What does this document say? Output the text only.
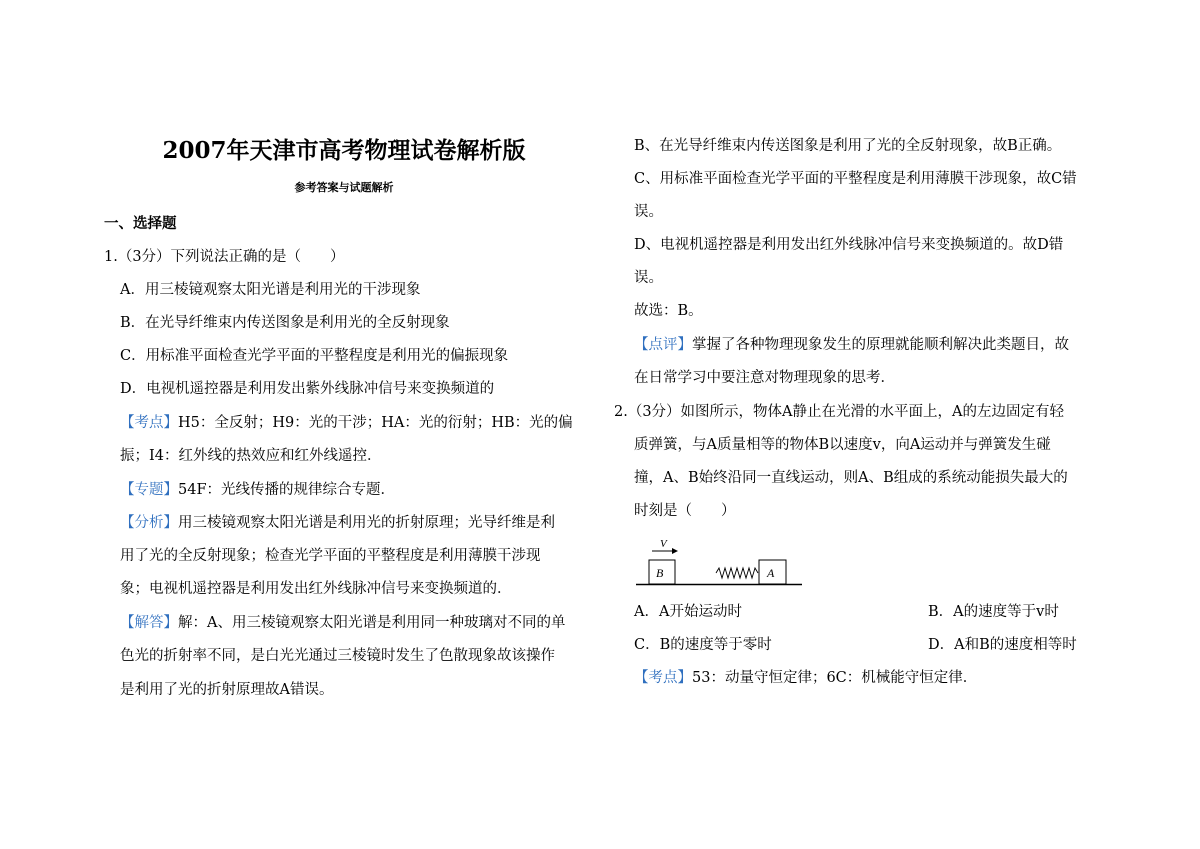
2007年天津市高考物理试卷解析版
参考答案与试题解析
一、选择题
1.（3分）下列说法正确的是（　　）
A．用三棱镜观察太阳光谱是利用光的干涉现象
B．在光导纤维束内传送图象是利用光的全反射现象
C．用标准平面检查光学平面的平整程度是利用光的偏振现象
D．电视机遥控器是利用发出紫外线脉冲信号来变换频道的
【考点】H5：全反射；H9：光的干涉；HA：光的衍射；HB：光的偏
振；I4：红外线的热效应和红外线遥控．
【专题】54F：光线传播的规律综合专题．
【分析】用三棱镜观察太阳光谱是利用光的折射原理；光导纤维是利
用了光的全反射现象；检查光学平面的平整程度是利用薄膜干涉现
象；电视机遥控器是利用发出红外线脉冲信号来变换频道的．
【解答】解：A、用三棱镜观察太阳光谱是利用同一种玻璃对不同的单
色光的折射率不同，是白光光通过三棱镜时发生了色散现象故该操作
是利用了光的折射原理故A错误。
B、在光导纤维束内传送图象是利用了光的全反射现象，故B正确。
C、用标准平面检查光学平面的平整程度是利用薄膜干涉现象，故C错
误。
D、电视机遥控器是利用发出红外线脉冲信号来变换频道的。故D错
误。
故选：B。
【点评】掌握了各种物理现象发生的原理就能顺利解决此类题目，故
在日常学习中要注意对物理现象的思考．
2.（3分）如图所示，物体A静止在光滑的水平面上，A的左边固定有轻
质弹簧，与A质量相等的物体B以速度v，向A运动并与弹簧发生碰
撞，A、B始终沿同一直线运动，则A、B组成的系统动能损失最大的
时刻是（　　）
V
B	A
A．A开始运动时	B．A的速度等于v时
C．B的速度等于零时	D．A和B的速度相等时
【考点】53：动量守恒定律；6C：机械能守恒定律．
